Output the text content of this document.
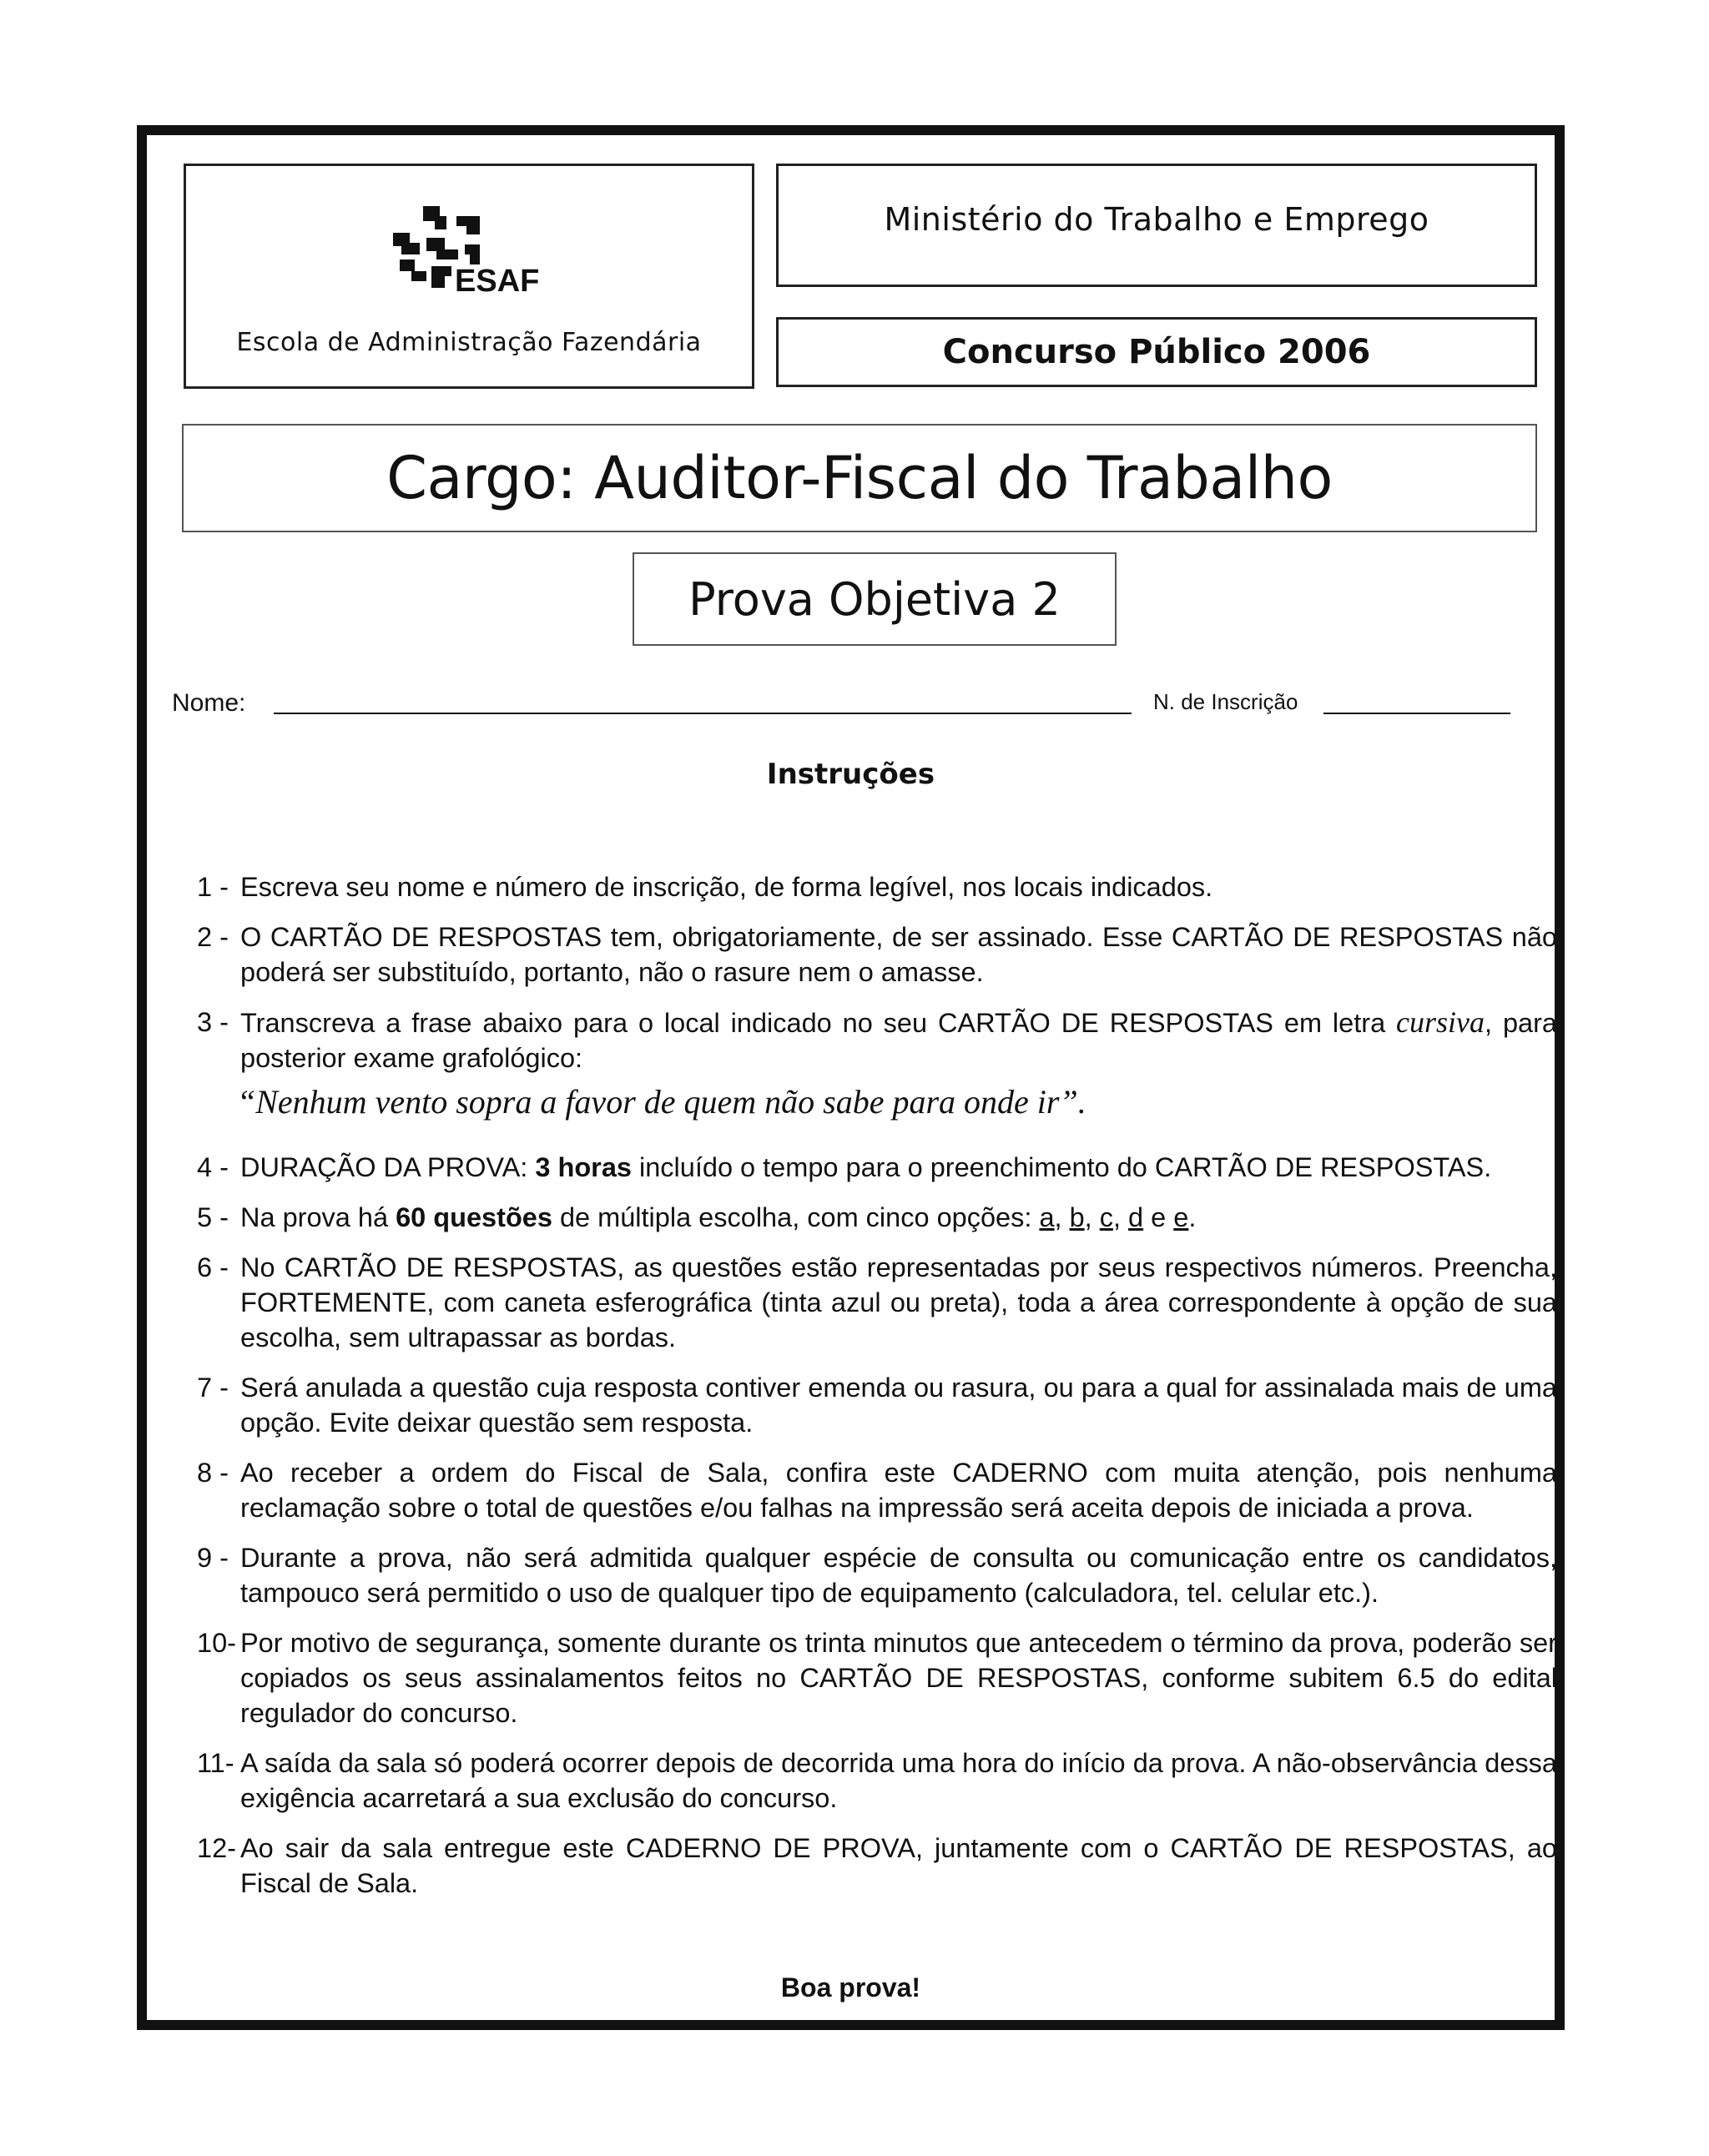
ESAF
Escola de Administração Fazendária
Ministério do Trabalho e Emprego
Concurso Público 2006
Cargo: Auditor-Fiscal do Trabalho
Prova Objetiva 2
Nome:	N. de Inscrição
Instruções
1 - Escreva seu nome e número de inscrição, de forma legível, nos locais indicados.
2 - O CARTÃO DE RESPOSTAS tem, obrigatoriamente, de ser assinado. Esse CARTÃO DE RESPOSTAS não poderá ser substituído, portanto, não o rasure nem o amasse.
3 - Transcreva a frase abaixo para o local indicado no seu CARTÃO DE RESPOSTAS em letra cursiva, para posterior exame grafológico:
“Nenhum vento sopra a favor de quem não sabe para onde ir”.
4 - DURAÇÃO DA PROVA: 3 horas incluído o tempo para o preenchimento do CARTÃO DE RESPOSTAS.
5 - Na prova há 60 questões de múltipla escolha, com cinco opções: a, b, c, d e e.
6 - No CARTÃO DE RESPOSTAS, as questões estão representadas por seus respectivos números. Preencha, FORTEMENTE, com caneta esferográfica (tinta azul ou preta), toda a área correspondente à opção de sua escolha, sem ultrapassar as bordas.
7 - Será anulada a questão cuja resposta contiver emenda ou rasura, ou para a qual for assinalada mais de uma opção. Evite deixar questão sem resposta.
8 - Ao receber a ordem do Fiscal de Sala, confira este CADERNO com muita atenção, pois nenhuma reclamação sobre o total de questões e/ou falhas na impressão será aceita depois de iniciada a prova.
9 - Durante a prova, não será admitida qualquer espécie de consulta ou comunicação entre os candidatos, tampouco será permitido o uso de qualquer tipo de equipamento (calculadora, tel. celular etc.).
10- Por motivo de segurança, somente durante os trinta minutos que antecedem o término da prova, poderão ser copiados os seus assinalamentos feitos no CARTÃO DE RESPOSTAS, conforme subitem 6.5 do edital regulador do concurso.
11- A saída da sala só poderá ocorrer depois de decorrida uma hora do início da prova. A não-observância dessa exigência acarretará a sua exclusão do concurso.
12- Ao sair da sala entregue este CADERNO DE PROVA, juntamente com o CARTÃO DE RESPOSTAS, ao Fiscal de Sala.
Boa prova!
